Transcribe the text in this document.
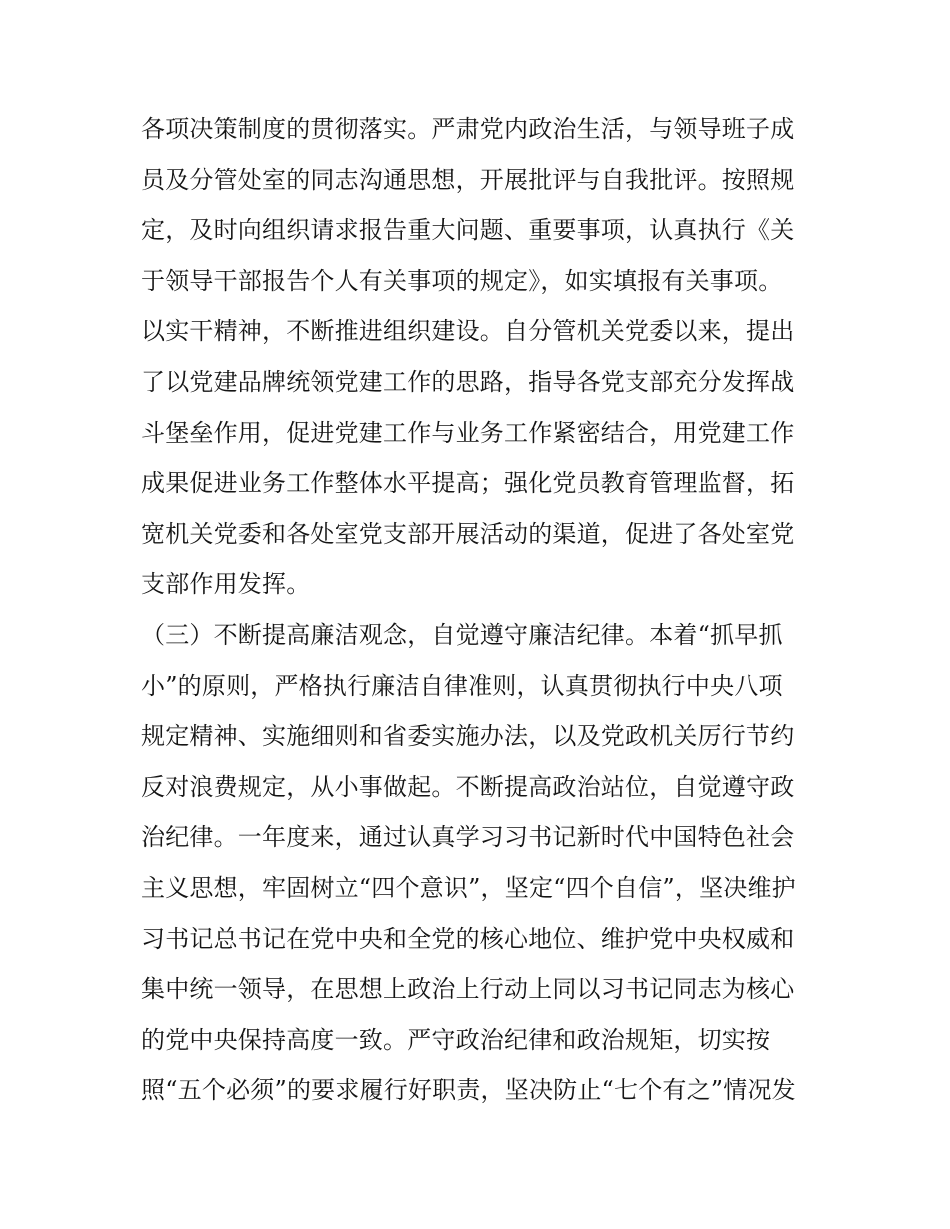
各项决策制度的贯彻落实。严肃党内政治生活，与领导班子成
员及分管处室的同志沟通思想，开展批评与自我批评。按照规
定，及时向组织请求报告重大问题、重要事项，认真执行《关
于领导干部报告个人有关事项的规定》，如实填报有关事项。
以实干精神，不断推进组织建设。自分管机关党委以来，提出
了以党建品牌统领党建工作的思路，指导各党支部充分发挥战
斗堡垒作用，促进党建工作与业务工作紧密结合，用党建工作
成果促进业务工作整体水平提高；强化党员教育管理监督，拓
宽机关党委和各处室党支部开展活动的渠道，促进了各处室党
支部作用发挥。
（三）不断提高廉洁观念，自觉遵守廉洁纪律。本着“抓早抓
小”的原则，严格执行廉洁自律准则，认真贯彻执行中央八项
规定精神、实施细则和省委实施办法，以及党政机关厉行节约
反对浪费规定，从小事做起。不断提高政治站位，自觉遵守政
治纪律。一年度来，通过认真学习习书记新时代中国特色社会
主义思想，牢固树立“四个意识”，坚定“四个自信”，坚决维护
习书记总书记在党中央和全党的核心地位、维护党中央权威和
集中统一领导，在思想上政治上行动上同以习书记同志为核心
的党中央保持高度一致。严守政治纪律和政治规矩，切实按
照“五个必须”的要求履行好职责，坚决防止“七个有之”情况发
